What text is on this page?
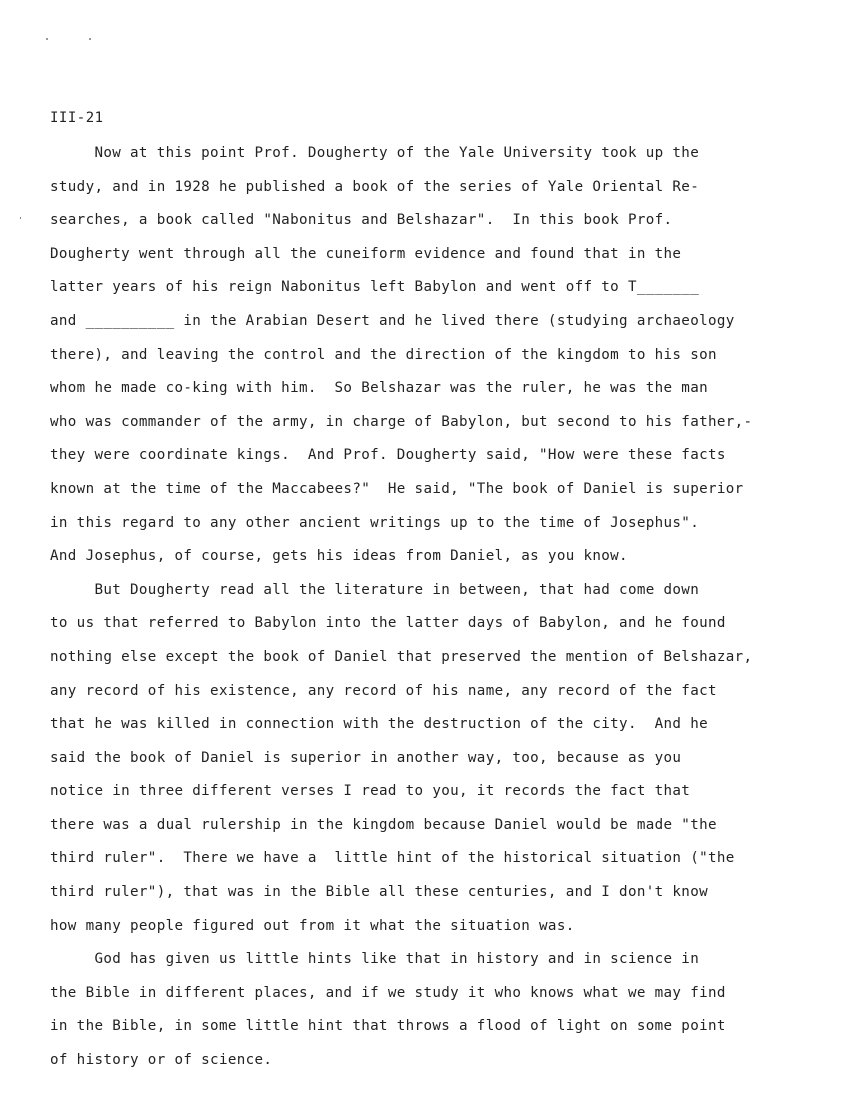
III-21
Now at this point Prof. Dougherty of the Yale University took up the
study, and in 1928 he published a book of the series of Yale Oriental Re-
searches, a book called "Nabonitus and Belshazar".  In this book Prof.
Dougherty went through all the cuneiform evidence and found that in the
latter years of his reign Nabonitus left Babylon and went off to T_______
and __________ in the Arabian Desert and he lived there (studying archaeology
there), and leaving the control and the direction of the kingdom to his son
whom he made co-king with him.  So Belshazar was the ruler, he was the man
who was commander of the army, in charge of Babylon, but second to his father,-
they were coordinate kings.  And Prof. Dougherty said, "How were these facts
known at the time of the Maccabees?"  He said, "The book of Daniel is superior
in this regard to any other ancient writings up to the time of Josephus".
And Josephus, of course, gets his ideas from Daniel, as you know.
But Dougherty read all the literature in between, that had come down
to us that referred to Babylon into the latter days of Babylon, and he found
nothing else except the book of Daniel that preserved the mention of Belshazar,
any record of his existence, any record of his name, any record of the fact
that he was killed in connection with the destruction of the city.  And he
said the book of Daniel is superior in another way, too, because as you
notice in three different verses I read to you, it records the fact that
there was a dual rulership in the kingdom because Daniel would be made "the
third ruler".  There we have a  little hint of the historical situation ("the
third ruler"), that was in the Bible all these centuries, and I don't know
how many people figured out from it what the situation was.
God has given us little hints like that in history and in science in
the Bible in different places, and if we study it who knows what we may find
in the Bible, in some little hint that throws a flood of light on some point
of history or of science.
